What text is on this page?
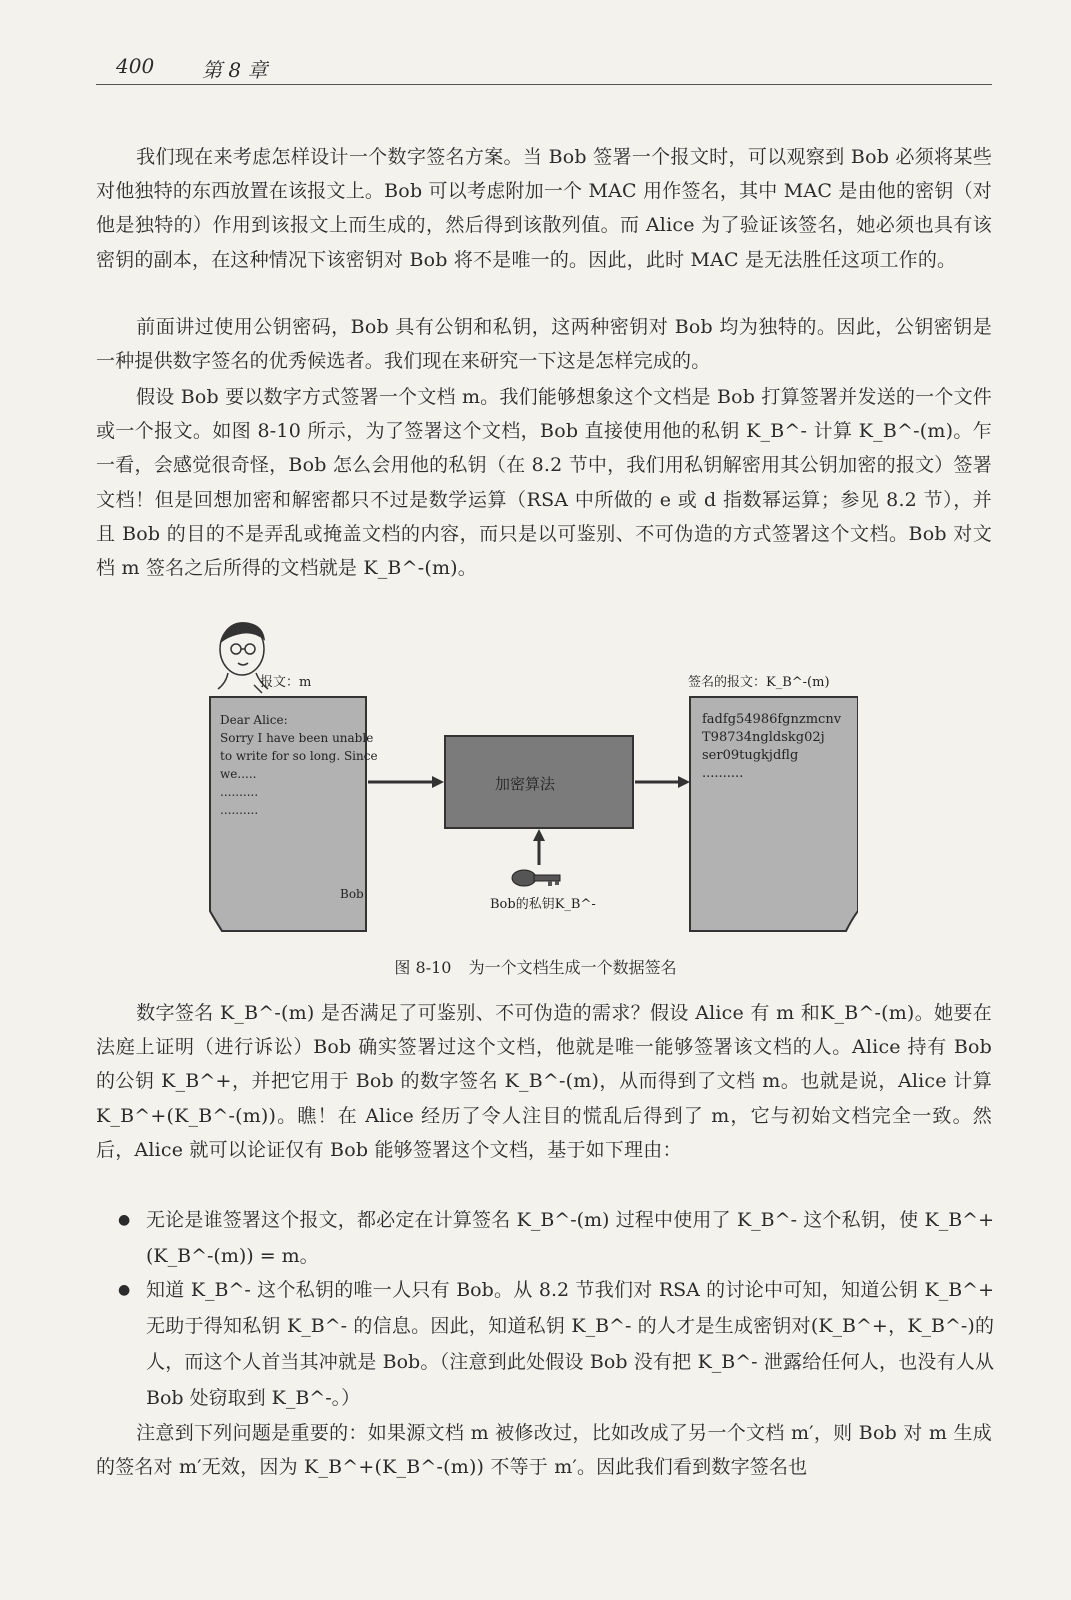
400 第 8 章
我们现在来考虑怎样设计一个数字签名方案。当 Bob 签署一个报文时，可以观察到 Bob 必须将某些对他独特的东西放置在该报文上。Bob 可以考虑附加一个 MAC 用作签名，其中 MAC 是由他的密钥（对他是独特的）作用到该报文上而生成的，然后得到该散列值。而 Alice 为了验证该签名，她必须也具有该密钥的副本，在这种情况下该密钥对 Bob 将不是唯一的。因此，此时 MAC 是无法胜任这项工作的。
前面讲过使用公钥密码，Bob 具有公钥和私钥，这两种密钥对 Bob 均为独特的。因此，公钥密钥是一种提供数字签名的优秀候选者。我们现在来研究一下这是怎样完成的。
假设 Bob 要以数字方式签署一个文档 m。我们能够想象这个文档是 Bob 打算签署并发送的一个文件或一个报文。如图 8-10 所示，为了签署这个文档，Bob 直接使用他的私钥 K_B^- 计算 K_B^-(m)。乍一看，会感觉很奇怪，Bob 怎么会用他的私钥（在 8.2 节中，我们用私钥解密用其公钥加密的报文）签署文档！但是回想加密和解密都只不过是数学运算（RSA 中所做的 e 或 d 指数幂运算；参见 8.2 节），并且 Bob 的目的不是弄乱或掩盖文档的内容，而只是以可鉴别、不可伪造的方式签署这个文档。Bob 对文档 m 签名之后所得的文档就是 K_B^-(m)。
报文：m	签名的报文：K_B^-(m)
Dear Alice:
Sorry I have been unable
to write for so long. Since
we.....
..........
..........
Bob
fadfg54986fgnzmcnv
T98734ngldskg02j
ser09tugkjdflg
..........
加密算法
Bob的私钥K_B^-
图 8-10 为一个文档生成一个数据签名
数字签名 K_B^-(m) 是否满足了可鉴别、不可伪造的需求？假设 Alice 有 m 和K_B^-(m)。她要在法庭上证明（进行诉讼）Bob 确实签署过这个文档，他就是唯一能够签署该文档的人。Alice 持有 Bob 的公钥 K_B^+，并把它用于 Bob 的数字签名 K_B^-(m)，从而得到了文档 m。也就是说，Alice 计算 K_B^+(K_B^-(m))。瞧！在 Alice 经历了令人注目的慌乱后得到了 m，它与初始文档完全一致。然后，Alice 就可以论证仅有 Bob 能够签署这个文档，基于如下理由：
● 无论是谁签署这个报文，都必定在计算签名 K_B^-(m) 过程中使用了 K_B^- 这个私钥，使 K_B^+(K_B^-(m)) = m。
● 知道 K_B^- 这个私钥的唯一人只有 Bob。从 8.2 节我们对 RSA 的讨论中可知，知道公钥 K_B^+ 无助于得知私钥 K_B^- 的信息。因此，知道私钥 K_B^- 的人才是生成密钥对(K_B^+，K_B^-)的人，而这个人首当其冲就是 Bob。（注意到此处假设 Bob 没有把 K_B^- 泄露给任何人，也没有人从 Bob 处窃取到 K_B^-。）
注意到下列问题是重要的：如果源文档 m 被修改过，比如改成了另一个文档 m′，则 Bob 对 m 生成的签名对 m′无效，因为 K_B^+(K_B^-(m)) 不等于 m′。因此我们看到数字签名也
